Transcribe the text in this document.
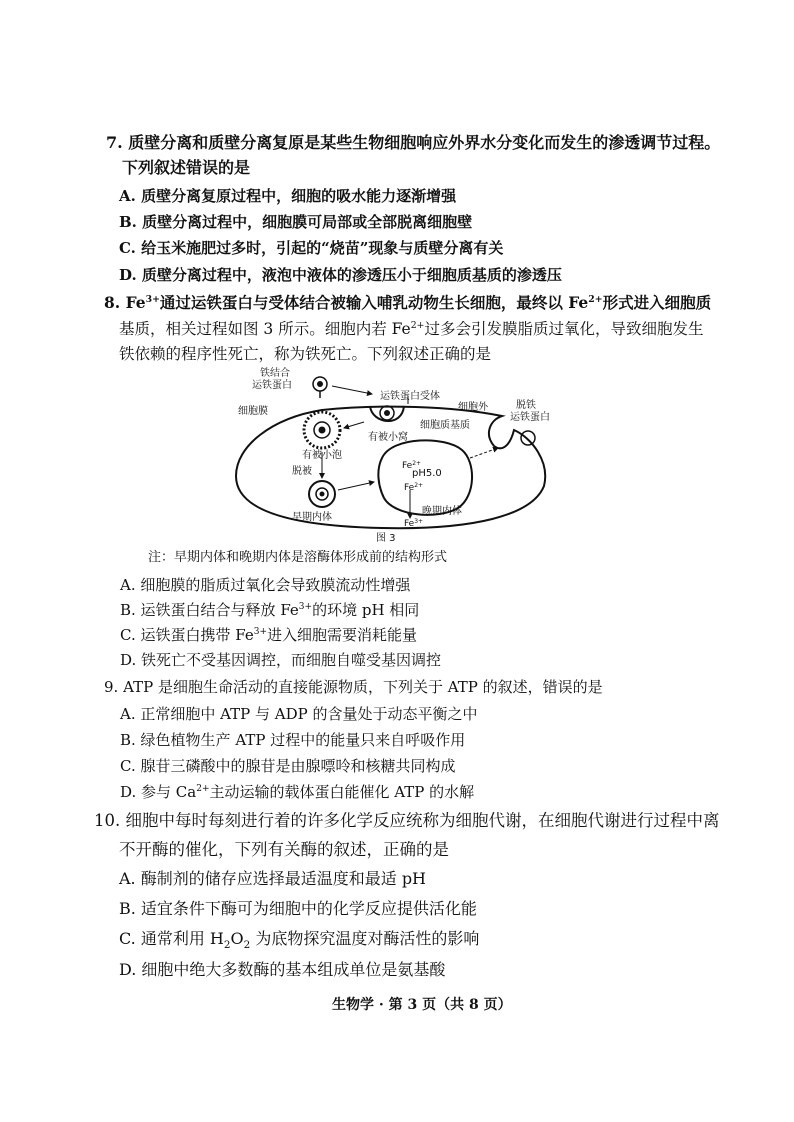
7. 质壁分离和质壁分离复原是某些生物细胞响应外界水分变化而发生的渗透调节过程。
下列叙述错误的是
A. 质壁分离复原过程中，细胞的吸水能力逐渐增强
B. 质壁分离过程中，细胞膜可局部或全部脱离细胞壁
C. 给玉米施肥过多时，引起的“烧苗”现象与质壁分离有关
D. 质壁分离过程中，液泡中液体的渗透压小于细胞质基质的渗透压
8. $Fe^{3+}$通过运铁蛋白与受体结合被输入哺乳动物生长细胞，最终以 $Fe^{2+}$形式进入细胞质
基质，相关过程如图 3 所示。细胞内若 $Fe^{2+}$过多会引发膜脂质过氧化，导致细胞发生
铁依赖的程序性死亡，称为铁死亡。下列叙述正确的是
铁结合
运铁蛋白
运铁蛋白受体
细胞外	脱铁
运铁蛋白
细胞膜
有被小窝
细胞质基质
有被小泡
脱被	$Fe^{2+}$
pH5.0
$Fe^{2+}$
早期内体
晚期内体
$Fe^{3+}$
图 3
注：早期内体和晚期内体是溶酶体形成前的结构形式
A. 细胞膜的脂质过氧化会导致膜流动性增强
B. 运铁蛋白结合与释放 $Fe^{3+}$的环境 pH 相同
C. 运铁蛋白携带 $Fe^{3+}$进入细胞需要消耗能量
D. 铁死亡不受基因调控，而细胞自噬受基因调控
9. ATP 是细胞生命活动的直接能源物质，下列关于 ATP 的叙述，错误的是
A. 正常细胞中 ATP 与 ADP 的含量处于动态平衡之中
B. 绿色植物生产 ATP 过程中的能量只来自呼吸作用
C. 腺苷三磷酸中的腺苷是由腺嘌呤和核糖共同构成
D. 参与 $Ca^{2+}$主动运输的载体蛋白能催化 ATP 的水解
10. 细胞中每时每刻进行着的许多化学反应统称为细胞代谢，在细胞代谢进行过程中离
不开酶的催化，下列有关酶的叙述，正确的是
A. 酶制剂的储存应选择最适温度和最适 pH
B. 适宜条件下酶可为细胞中的化学反应提供活化能
C. 通常利用 $H_2O_2$ 为底物探究温度对酶活性的影响
D. 细胞中绝大多数酶的基本组成单位是氨基酸
生物学 · 第 3 页（共 8 页）
